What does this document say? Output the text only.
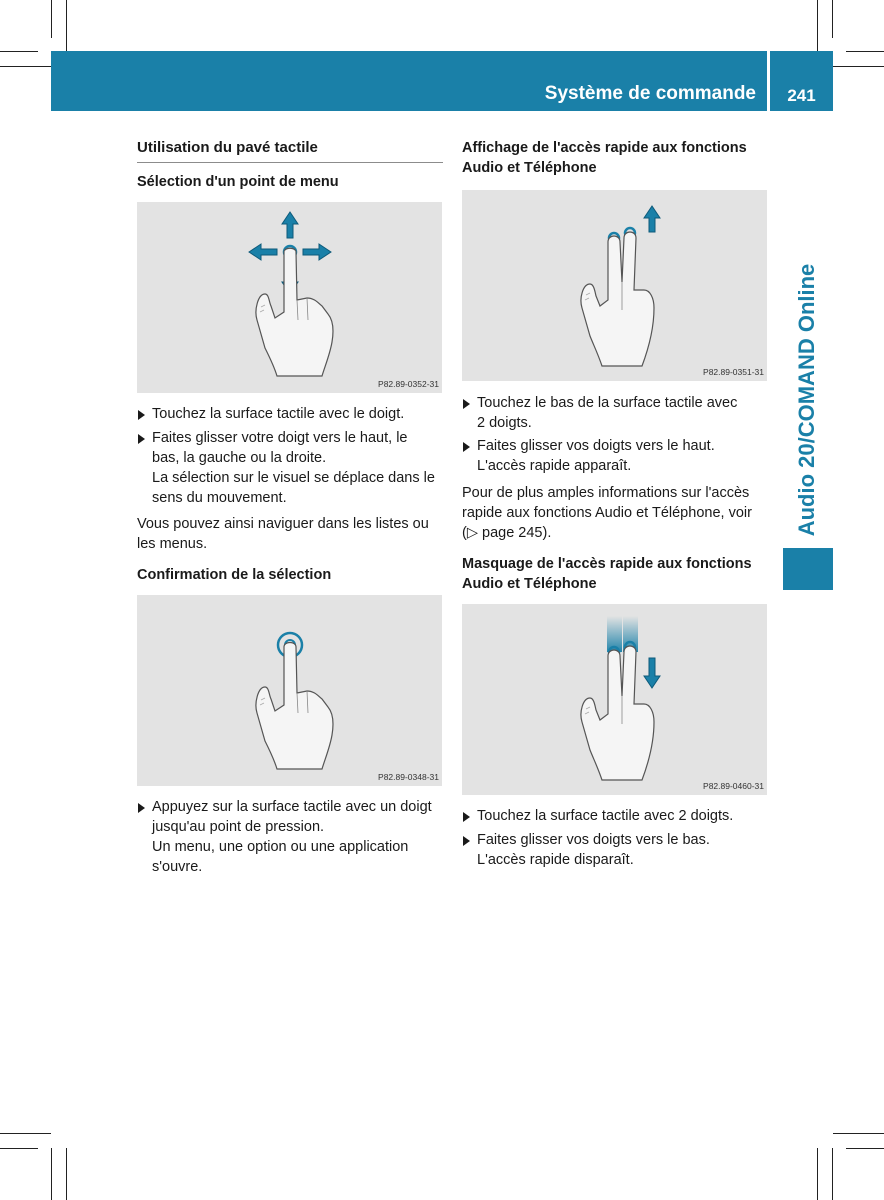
Système de commande	241
Audio 20/COMAND Online
Utilisation du pavé tactile
Sélection d'un point de menu
P82.89-0352-31
Touchez la surface tactile avec le doigt.
Faites glisser votre doigt vers le haut, le
bas, la gauche ou la droite.
La sélection sur le visuel se déplace dans le
sens du mouvement.

Vous pouvez ainsi naviguer dans les listes ou
les menus.

Confirmation de la sélection
P82.89-0348-31
Appuyez sur la surface tactile avec un doigt
jusqu'au point de pression.
Un menu, une option ou une application
s'ouvre.
Affichage de l'accès rapide aux fonctions
Audio et Téléphone
P82.89-0351-31
Touchez le bas de la surface tactile avec
2 doigts.
Faites glisser vos doigts vers le haut.
L'accès rapide apparaît.

Pour de plus amples informations sur l'accès
rapide aux fonctions Audio et Téléphone, voir
(▷ page 245).

Masquage de l'accès rapide aux fonctions
Audio et Téléphone
P82.89-0460-31
Touchez la surface tactile avec 2 doigts.
Faites glisser vos doigts vers le bas.
L'accès rapide disparaît.
